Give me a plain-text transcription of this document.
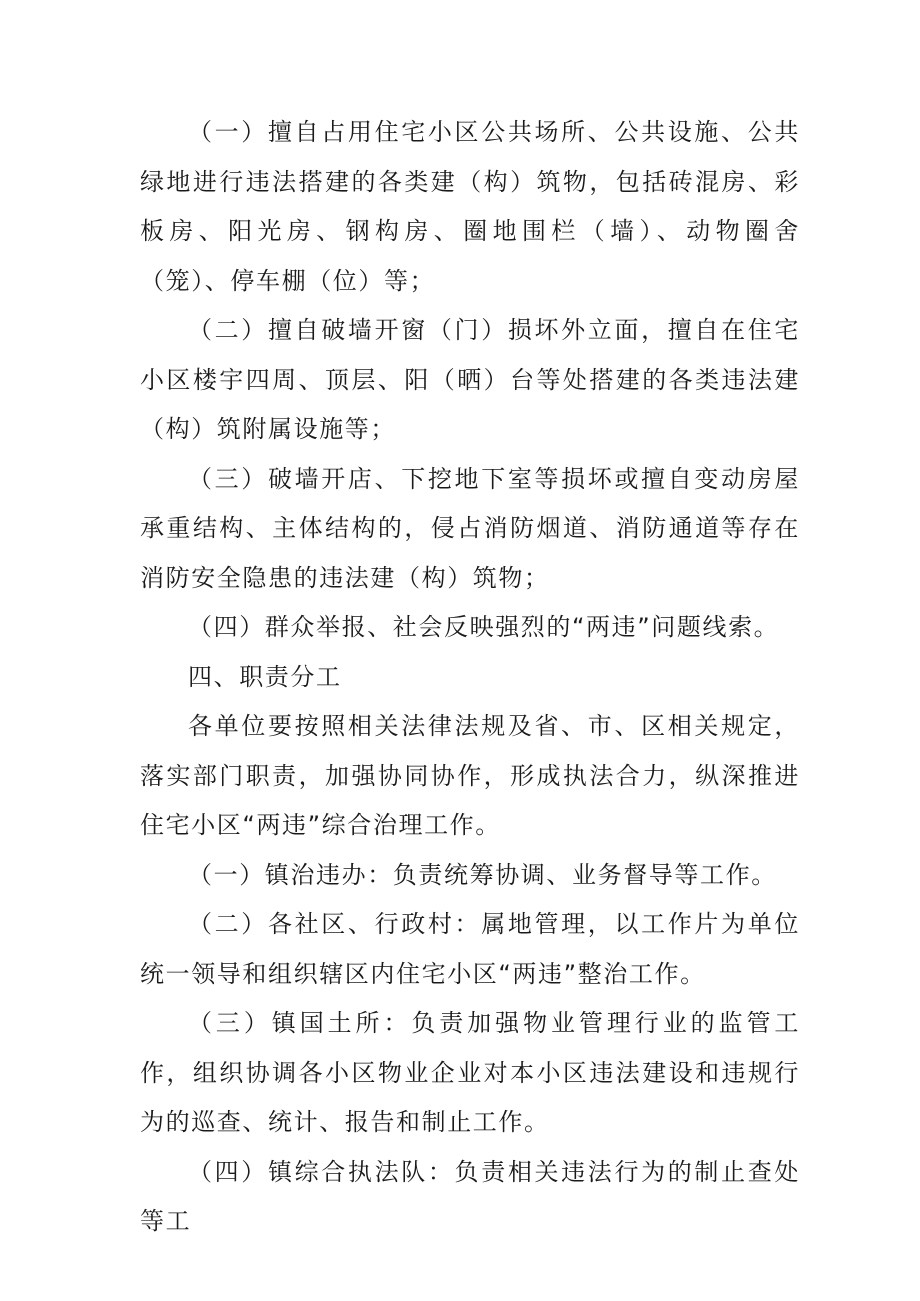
（一）擅自占用住宅小区公共场所、公共设施、公共绿地进行违法搭建的各类建（构）筑物，包括砖混房、彩板房、阳光房、钢构房、圈地围栏（墙）、动物圈舍（笼）、停车棚（位）等；

（二）擅自破墙开窗（门）损坏外立面，擅自在住宅小区楼宇四周、顶层、阳（晒）台等处搭建的各类违法建（构）筑附属设施等；

（三）破墙开店、下挖地下室等损坏或擅自变动房屋承重结构、主体结构的，侵占消防烟道、消防通道等存在消防安全隐患的违法建（构）筑物；

（四）群众举报、社会反映强烈的“两违”问题线索。

四、职责分工

各单位要按照相关法律法规及省、市、区相关规定，落实部门职责，加强协同协作，形成执法合力，纵深推进住宅小区“两违”综合治理工作。

（一）镇治违办：负责统筹协调、业务督导等工作。

（二）各社区、行政村：属地管理，以工作片为单位统一领导和组织辖区内住宅小区“两违”整治工作。

（三）镇国土所：负责加强物业管理行业的监管工作，组织协调各小区物业企业对本小区违法建设和违规行为的巡查、统计、报告和制止工作。

（四）镇综合执法队：负责相关违法行为的制止查处等工
